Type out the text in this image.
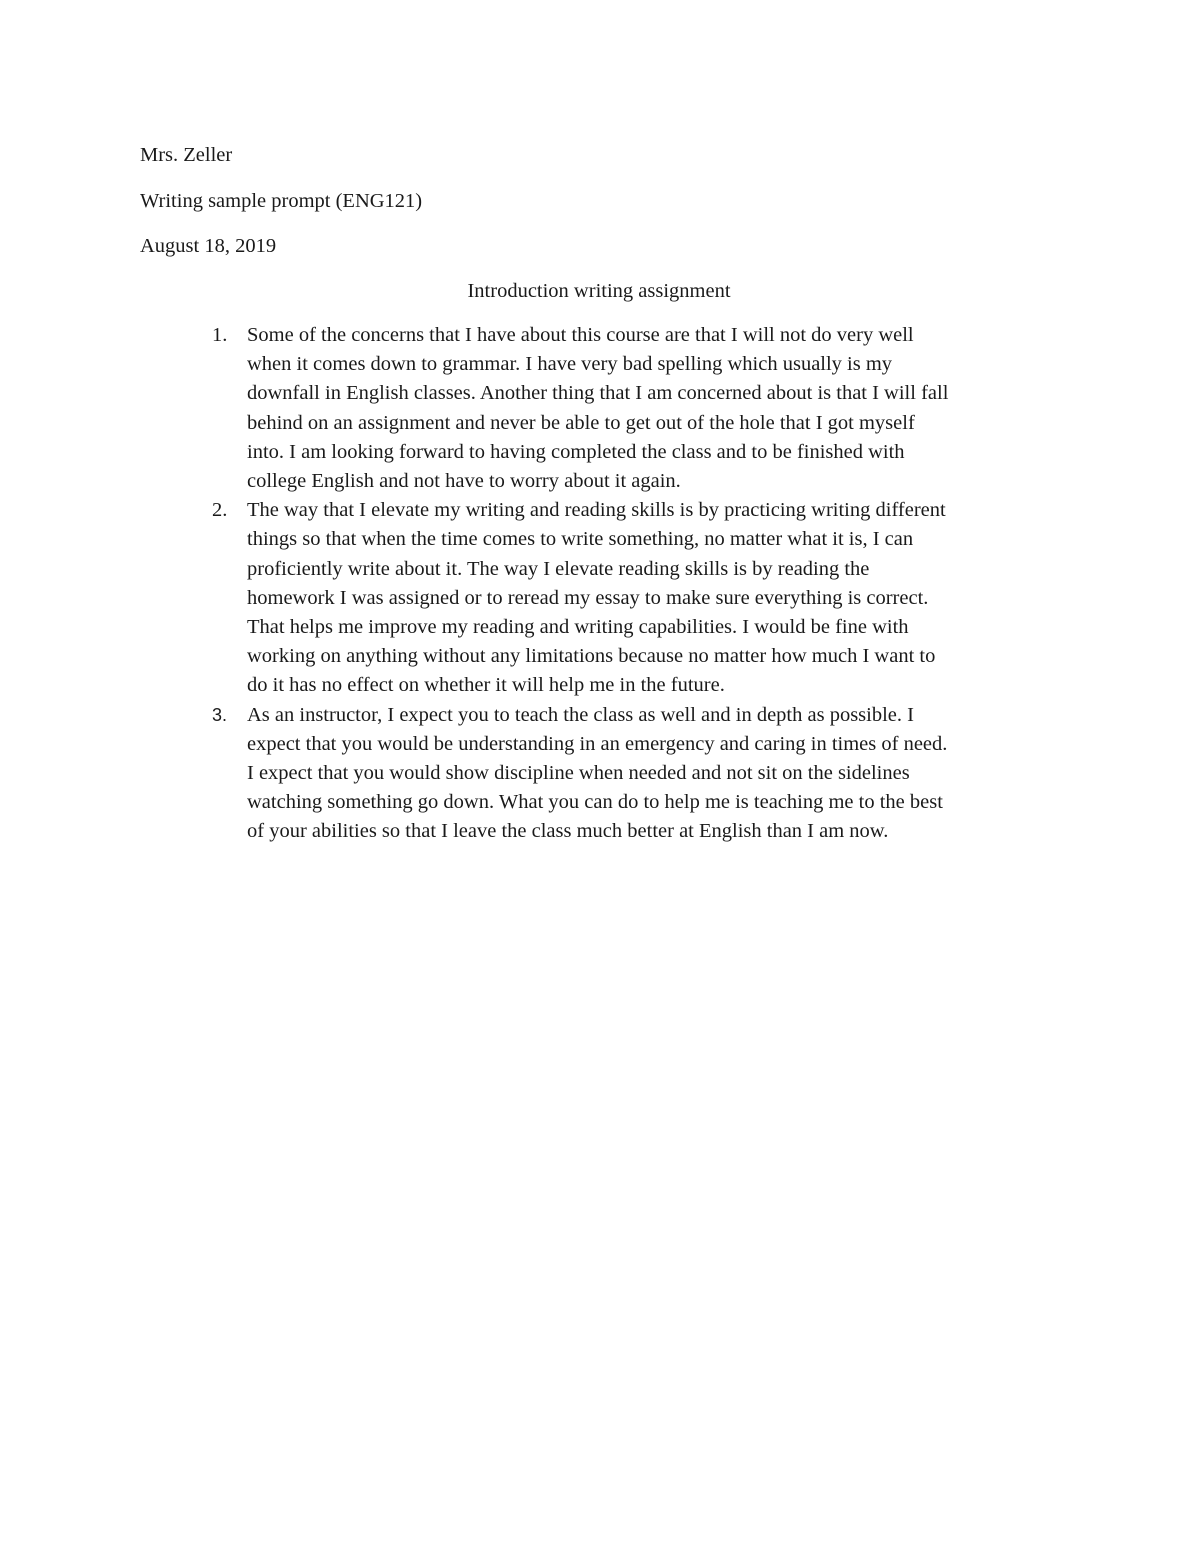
Mrs. Zeller

Writing sample prompt (ENG121)

August 18, 2019

Introduction writing assignment
1. Some of the concerns that I have about this course are that I will not do very well
when it comes down to grammar. I have very bad spelling which usually is my
downfall in English classes. Another thing that I am concerned about is that I will fall
behind on an assignment and never be able to get out of the hole that I got myself
into. I am looking forward to having completed the class and to be finished with
college English and not have to worry about it again.
2. The way that I elevate my writing and reading skills is by practicing writing different
things so that when the time comes to write something, no matter what it is, I can
proficiently write about it. The way I elevate reading skills is by reading the
homework I was assigned or to reread my essay to make sure everything is correct.
That helps me improve my reading and writing capabilities. I would be fine with
working on anything without any limitations because no matter how much I want to
do it has no effect on whether it will help me in the future.
3. As an instructor, I expect you to teach the class as well and in depth as possible. I
expect that you would be understanding in an emergency and caring in times of need.
I expect that you would show discipline when needed and not sit on the sidelines
watching something go down. What you can do to help me is teaching me to the best
of your abilities so that I leave the class much better at English than I am now.
